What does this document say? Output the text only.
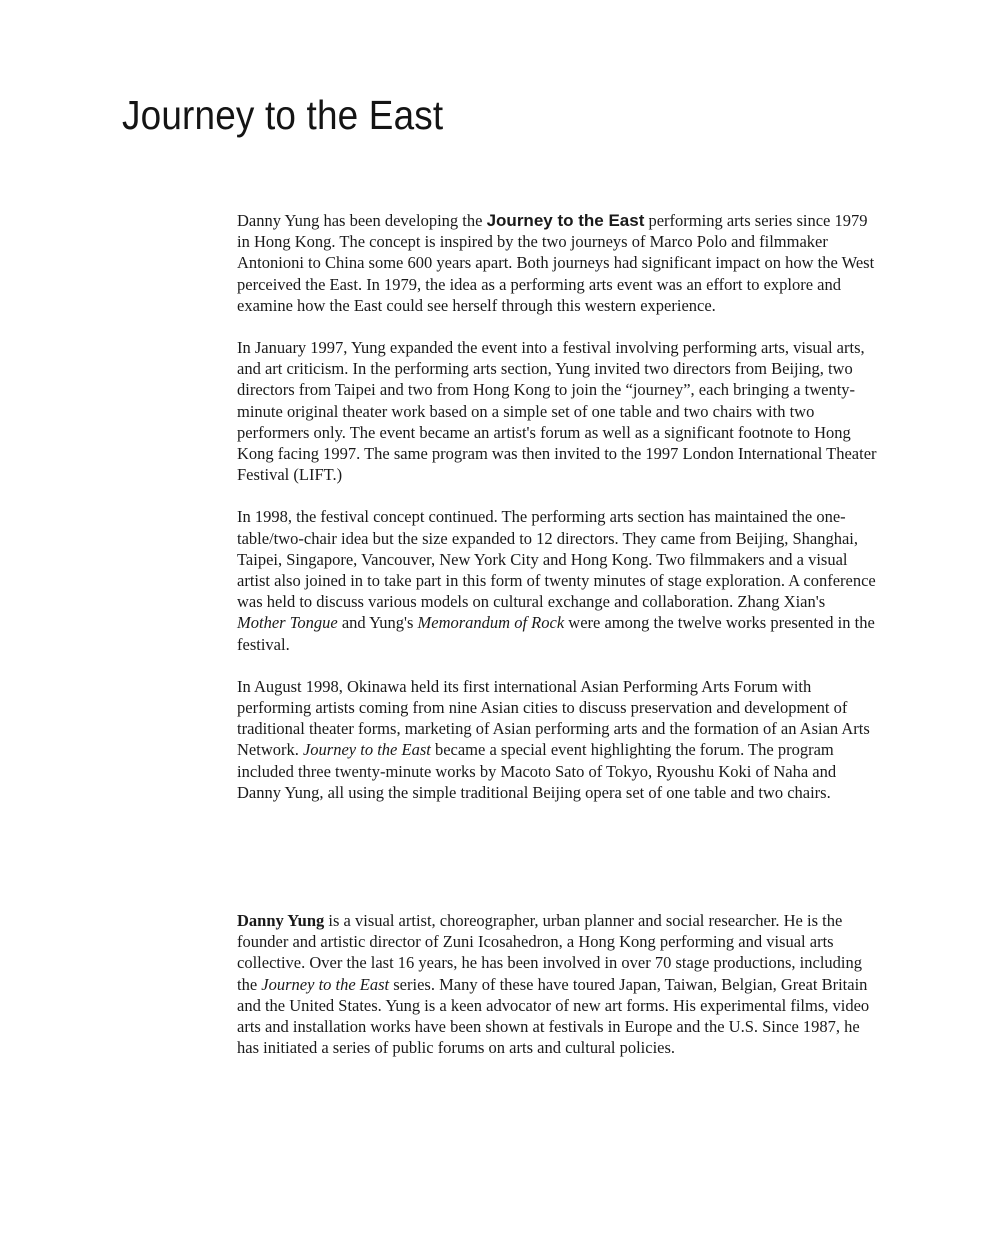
Journey to the East

Danny Yung has been developing the Journey to the East performing arts series since 1979 in Hong Kong. The concept is inspired by the two journeys of Marco Polo and filmmaker Antonioni to China some 600 years apart. Both journeys had significant impact on how the West perceived the East. In 1979, the idea as a performing arts event was an effort to explore and examine how the East could see herself through this western experience.

In January 1997, Yung expanded the event into a festival involving performing arts, visual arts, and art criticism. In the performing arts section, Yung invited two directors from Beijing, two directors from Taipei and two from Hong Kong to join the “journey”, each bringing a twenty-minute original theater work based on a simple set of one table and two chairs with two performers only. The event became an artist's forum as well as a significant footnote to Hong Kong facing 1997. The same program was then invited to the 1997 London International Theater Festival (LIFT.)

In 1998, the festival concept continued. The performing arts section has maintained the one-table/two-chair idea but the size expanded to 12 directors. They came from Beijing, Shanghai, Taipei, Singapore, Vancouver, New York City and Hong Kong. Two filmmakers and a visual artist also joined in to take part in this form of twenty minutes of stage exploration. A conference was held to discuss various models on cultural exchange and collaboration. Zhang Xian's Mother Tongue and Yung's Memorandum of Rock were among the twelve works presented in the festival.

In August 1998, Okinawa held its first international Asian Performing Arts Forum with performing artists coming from nine Asian cities to discuss preservation and development of traditional theater forms, marketing of Asian performing arts and the formation of an Asian Arts Network. Journey to the East became a special event highlighting the forum. The program included three twenty-minute works by Macoto Sato of Tokyo, Ryoushu Koki of Naha and Danny Yung, all using the simple traditional Beijing opera set of one table and two chairs.

Danny Yung is a visual artist, choreographer, urban planner and social researcher. He is the founder and artistic director of Zuni Icosahedron, a Hong Kong performing and visual arts collective. Over the last 16 years, he has been involved in over 70 stage productions, including the Journey to the East series. Many of these have toured Japan, Taiwan, Belgian, Great Britain and the United States. Yung is a keen advocator of new art forms. His experimental films, video arts and installation works have been shown at festivals in Europe and the U.S. Since 1987, he has initiated a series of public forums on arts and cultural policies.
